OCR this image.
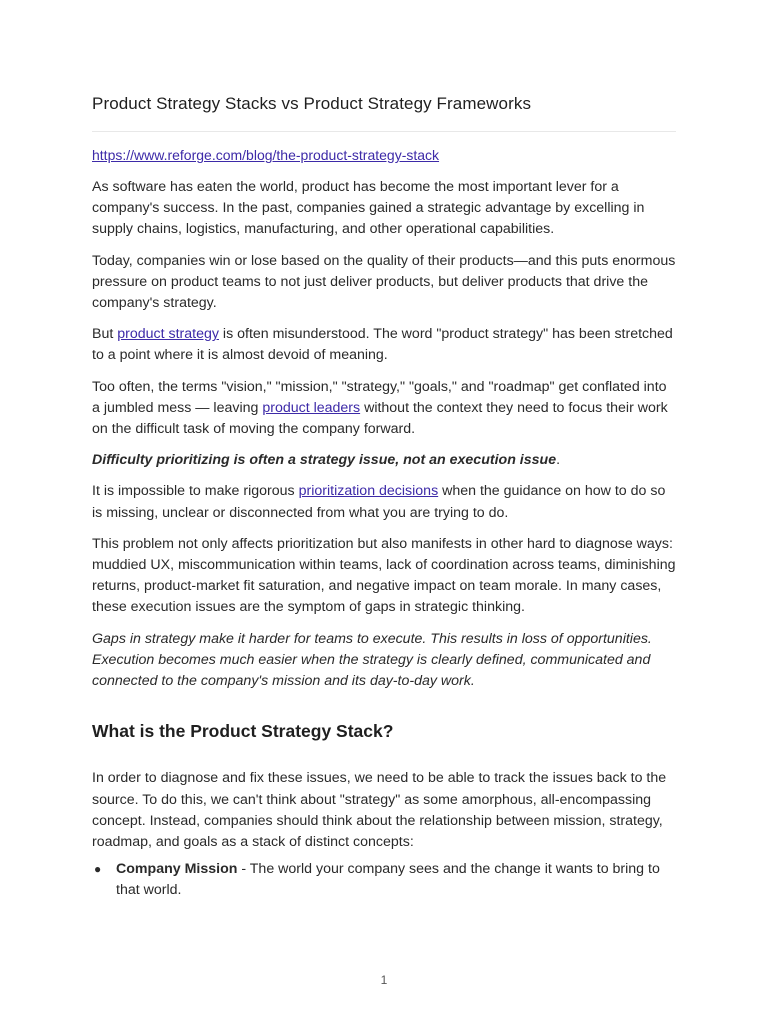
Product Strategy Stacks vs Product Strategy Frameworks
https://www.reforge.com/blog/the-product-strategy-stack

As software has eaten the world, product has become the most important lever for a company's success. In the past, companies gained a strategic advantage by excelling in supply chains, logistics, manufacturing, and other operational capabilities.

Today, companies win or lose based on the quality of their products—and this puts enormous pressure on product teams to not just deliver products, but deliver products that drive the company's strategy.

But product strategy is often misunderstood. The word "product strategy" has been stretched to a point where it is almost devoid of meaning.

Too often, the terms "vision," "mission," "strategy," "goals," and "roadmap" get conflated into a jumbled mess — leaving product leaders without the context they need to focus their work on the difficult task of moving the company forward.

Difficulty prioritizing is often a strategy issue, not an execution issue.

It is impossible to make rigorous prioritization decisions when the guidance on how to do so is missing, unclear or disconnected from what you are trying to do.

This problem not only affects prioritization but also manifests in other hard to diagnose ways: muddied UX, miscommunication within teams, lack of coordination across teams, diminishing returns, product-market fit saturation, and negative impact on team morale. In many cases, these execution issues are the symptom of gaps in strategic thinking.

Gaps in strategy make it harder for teams to execute. This results in loss of opportunities. Execution becomes much easier when the strategy is clearly defined, communicated and connected to the company's mission and its day-to-day work.

What is the Product Strategy Stack?

In order to diagnose and fix these issues, we need to be able to track the issues back to the source. To do this, we can't think about "strategy" as some amorphous, all-encompassing concept. Instead, companies should think about the relationship between mission, strategy, roadmap, and goals as a stack of distinct concepts:

● Company Mission - The world your company sees and the change it wants to bring to that world.
1
